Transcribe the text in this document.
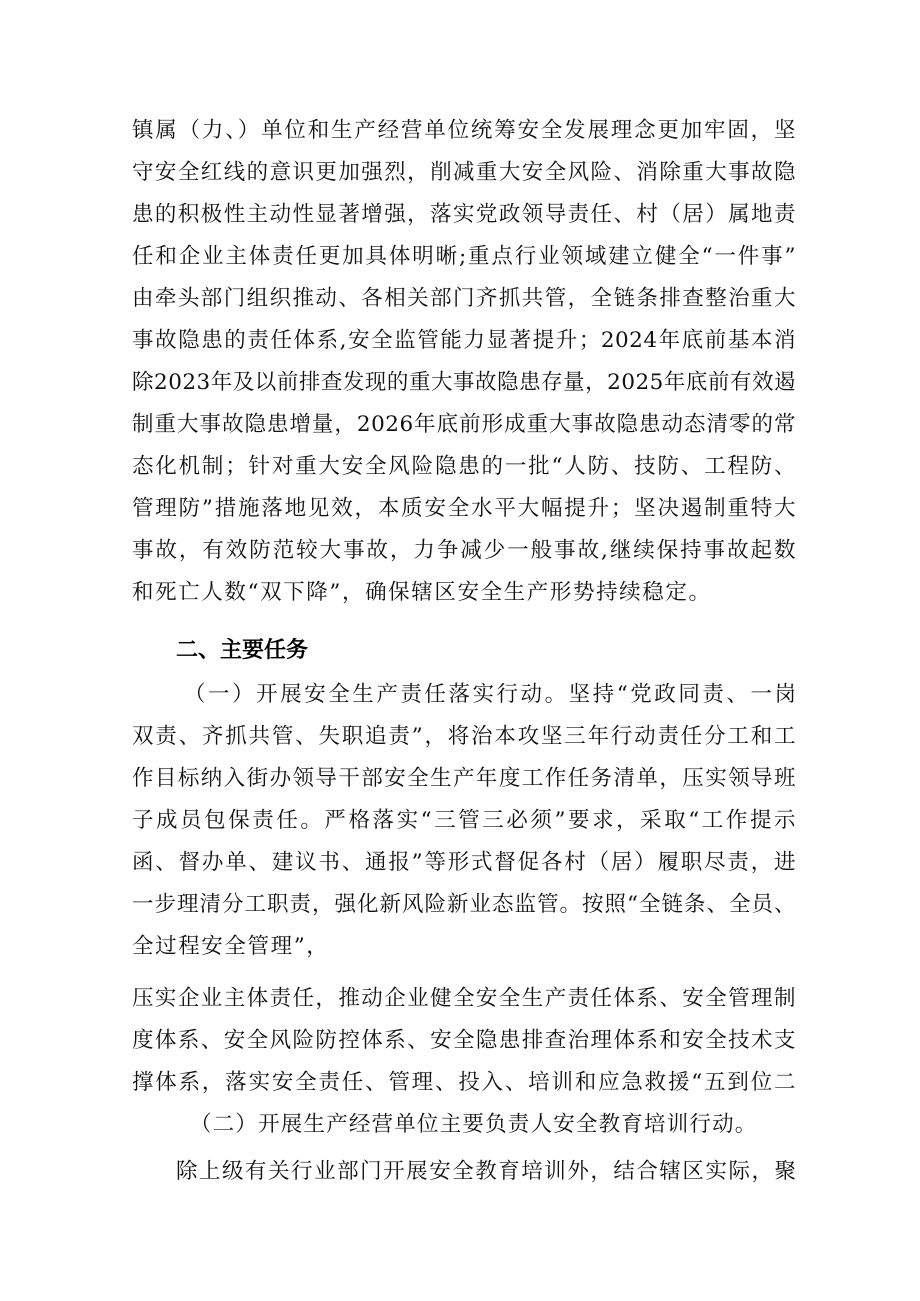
镇属（力、）单位和生产经营单位统筹安全发展理念更加牢固，坚

守安全红线的意识更加强烈，削减重大安全风险、消除重大事故隐

患的积极性主动性显著增强，落实党政领导责任、村（居）属地责

任和企业主体责任更加具体明晰;重点行业领域建立健全“一件事”

由牵头部门组织推动、各相关部门齐抓共管，全链条排查整治重大

事故隐患的责任体系,安全监管能力显著提升；2024年底前基本消

除2023年及以前排查发现的重大事故隐患存量，2025年底前有效遏

制重大事故隐患增量，2026年底前形成重大事故隐患动态清零的常

态化机制；针对重大安全风险隐患的一批“人防、技防、工程防、

管理防”措施落地见效，本质安全水平大幅提升；坚决遏制重特大

事故，有效防范较大事故，力争减少一般事故,继续保持事故起数

和死亡人数“双下降”，确保辖区安全生产形势持续稳定。

二、主要任务

（一）开展安全生产责任落实行动。坚持“党政同责、一岗

双责、齐抓共管、失职追责”，将治本攻坚三年行动责任分工和工

作目标纳入街办领导干部安全生产年度工作任务清单，压实领导班

子成员包保责任。严格落实“三管三必须”要求，采取“工作提示

函、督办单、建议书、通报”等形式督促各村（居）履职尽责，进

一步理清分工职责，强化新风险新业态监管。按照“全链条、全员、

全过程安全管理”，

压实企业主体责任，推动企业健全安全生产责任体系、安全管理制

度体系、安全风险防控体系、安全隐患排查治理体系和安全技术支

撑体系，落实安全责任、管理、投入、培训和应急救援“五到位二

（二）开展生产经营单位主要负责人安全教育培训行动。

除上级有关行业部门开展安全教育培训外，结合辖区实际，聚
